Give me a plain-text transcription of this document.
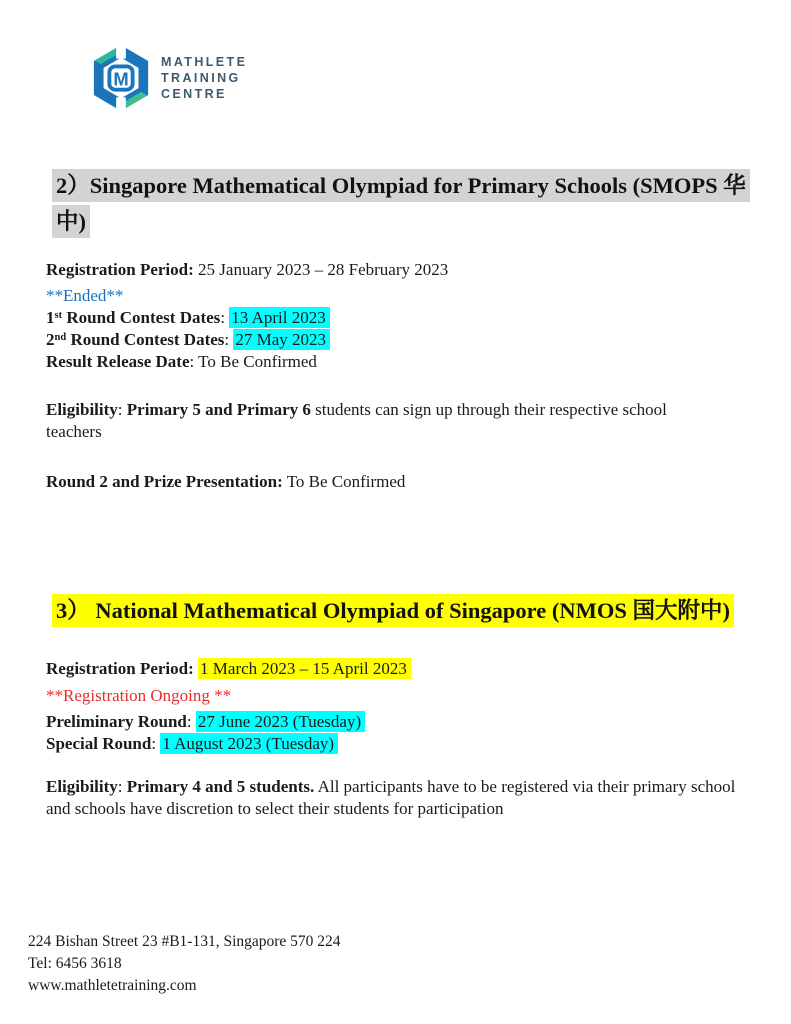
M
MATHLETE
TRAINING
CENTRE
2）Singapore Mathematical Olympiad for Primary Schools (SMOPS 华
中)

Registration Period: 25 January 2023 – 28 February 2023

**Ended**

1st Round Contest Dates: 13 April 2023

2nd Round Contest Dates: 27 May 2023

Result Release Date: To Be Confirmed

Eligibility: Primary 5 and Primary 6 students can sign up through their respective school teachers

Round 2 and Prize Presentation: To Be Confirmed

3） National Mathematical Olympiad of Singapore (NMOS 国大附中)

Registration Period: 1 March 2023 – 15 April 2023

**Registration Ongoing **

Preliminary Round: 27 June 2023 (Tuesday)

Special Round: 1 August 2023 (Tuesday)

Eligibility: Primary 4 and 5 students. All participants have to be registered via their primary school and schools have discretion to select their students for participation

224 Bishan Street 23 #B1-131, Singapore 570 224

Tel: 6456 3618

www.mathletetraining.com
